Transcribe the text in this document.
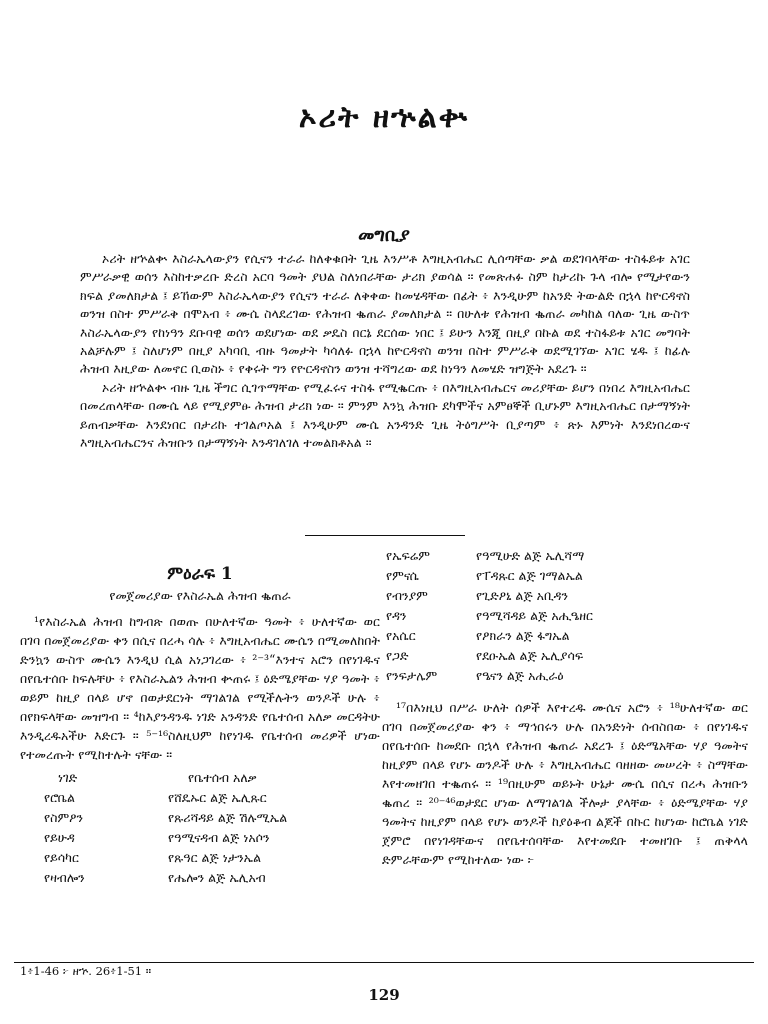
ኦሪት ዘኍልቍ
መግቢያ

ኦሪት ዘኍልቍ እስራኤላውያን የሲናን ተራራ ከለቀቁበት ጊዜ እንሥቶ እግዚአብሔር ሊሰጣቸው ቃል ወደገባላቸው ተስፋይቱ አገር ምሥራቃዊ ወሰን እስከተቃረቡ ድረስ አርባ ዓመት ያህል ስለነበራቸው ታሪክ ያወሳል ። የመጽሐፉ ስም ከታሪኩ ጉላ ብሎ የሚታየውን ክፍል ያመለክታል ፤ ይኸውም እስራኤላውያን የሲናን ተራራ ለቅቀው ከመሄዳቸው በፊት ፥ እንዲሁም ከአንድ ትውልድ በኋላ ከዮርዳኖስ ወንዝ በስተ ምሥራቅ በሞአብ ፥ ሙሴ ስላደረገው የሕዝብ ቈጠራ ያመለክታል ። በሁለቱ የሕዝብ ቈጠራ መካከል ባለው ጊዜ ውስጥ እስራኤላውያን የከነዓን ደቡባዊ ወሰን ወደሆነው ወደ ቃዴስ በርኔ ደርሰው ነበር ፤ ይሁን እንጂ በዚያ በኩል ወደ ተስፋይቱ አገር መግባት አልቻሉም ፤ ስለሆነም በዚያ አካባቢ ብዙ ዓመታት ካሳለፉ በኋላ ከዮርዳኖስ ወንዝ በስተ ምሥራቅ ወደሚገኘው አገር ሄዱ ፤ ከፊሉ ሕዝብ እዚያው ለመኖር ቢወስኑ ፥ የቀሩት ግን የዮርዳኖስን ወንዝ ተሻግረው ወደ ከነዓን ለመሄድ ዝግጅት አደረጉ ።

ኦሪት ዘኍልቍ ብዙ ጊዜ ችግር ሲገጥማቸው የሚፈሩና ተስፋ የሚቈርጡ ፥ በእግዚአብሔርና መሪያቸው ይሆን በነበረ እግዚአብሔር በመረጠላቸው በሙሴ ላይ የሚያምፁ ሕዝብ ታሪክ ነው ። ምንም እንኳ ሕዝቡ ደካሞችና አምፀኞች ቢሆኑም እግዚአብሔር በታማኝነት ይጠብቃቸው እንደነበር በታሪኩ ተገልጦአል ፤ እንዲሁም ሙሴ አንዳንድ ጊዜ ትዕግሥት ቢያጣም ፥ ጽኑ እምነት እንደነበረውና እግዚአብሔርንና ሕዝቡን በታማኝነት እንዳገለገለ ተመልክቶአል ።

ምዕራፍ 1
የመጀመሪያው የእስራኤል ሕዝብ ቈጠራ

¹የእስራኤል ሕዝብ ከግብጽ በወጡ በሁለተኛው ዓመት ፥ ሁለተኛው ወር በገባ በመጀመሪያው ቀን በሲና በረሓ ሳሉ ፥ እግዚአብሔር ሙሴን በሚመለከበት ድንኳን ውስጥ ሙሴን እንዲህ ሲል አነጋገረው ፥ ²⁻³“እንተና አሮን በየነገዱና በየቤተሰቡ ከፍሉቸሁ ፥ የእስራኤልን ሕዝብ ቍጠሩ ፤ ዕድሜያቸው ሃያ ዓመት ፥ ወይም ከዚያ በላይ ሆኖ በወታደርነት ማገልገል የሚችሉትን ወንዶች ሁሉ ፥ በየክፍላቸው መዝግብ ። ⁴ከእያንዳንዱ ነገድ አንዳንድ የቤተሰብ አለቃ መርዳትሁ እንዲረዱአችሁ እድርጉ ። ⁵⁻¹⁶ስለዚህም ከየነገዱ የቤተሰብ መሪዎች ሆነው የተመረጡት የሚከተሉት ናቸው ።

ነገድ	የቤተሰብ አለቃ
የሮቤል	የሸዴኡር ልጅ ኤሊጹር
የስምዖን	የጹሪሻዳይ ልጅ ሽሉሚኤል
የይሁዳ	የዓሚናዳብ ልጅ ነአሶን
የይሳካር	የጹዓር ልጅ ነታንኤል
የዛብሎን	የሔሎን ልጅ ኤሊአብ
የኤፍሬም	የዓሚሁድ ልጅ ኤሊሻማ
የምናሴ	የፐዳጹር ልጅ ገማልኤል
የብንያም	የጊድዖኒ ልጅ አቢዳን
የዳን	የዓሚሻዳይ ልጅ አሒዔዘር
የአሴር	የዖክራን ልጅ ፋግኤል
የጋድ	የደዑኤል ልጅ ኤሊያሳፍ
የንፍታሌም	የዔናን ልጅ አሒራዕ

¹⁷በእነዚህ በሥራ ሁለት ሰዎች እየተረዱ ሙሴና አሮን ፥ ¹⁸ሁለተኛው ወር በገባ በመጀመሪያው ቀን ፥ ማኅበሩን ሁሉ በአንድነት ሰብስበው ፥ በየነገዱና በየቤተሰቡ ከመደቡ በኋላ የሕዝብ ቈጠራ አደረጉ ፤ ዕድሜአቸው ሃያ ዓመትና ከዚያም በላይ የሆኑ ወንዶች ሁሉ ፥ እግዚአብሔር ባዘዘው መሠረት ፥ ስማቸው እየተመዘገበ ተቈጠሩ ። ¹⁹በዚሁም ወይኑት ሁኔታ ሙሴ በሲና በረሓ ሕዝቡን ቈጠረ ። ²⁰⁻⁴⁶ወታደር ሆነው ለማገልገል ችሎታ ያላቸው ፥ ዕድሜያቸው ሃያ ዓመትና ከዚያም በላይ የሆኑ ወንዶች ከያዕቆብ ልጆች በኩር ከሆነው ከሮቤል ነገድ ጀምሮ በየነገዳቸውና በየቤተሰባቸው እየተመደቡ ተመዘገቡ ፤ ጠቅላላ ድምራቸውም የሚከተለው ነው ፦

1፥1-46 ፦ ዘኍ. 26፥1-51 ።
129
